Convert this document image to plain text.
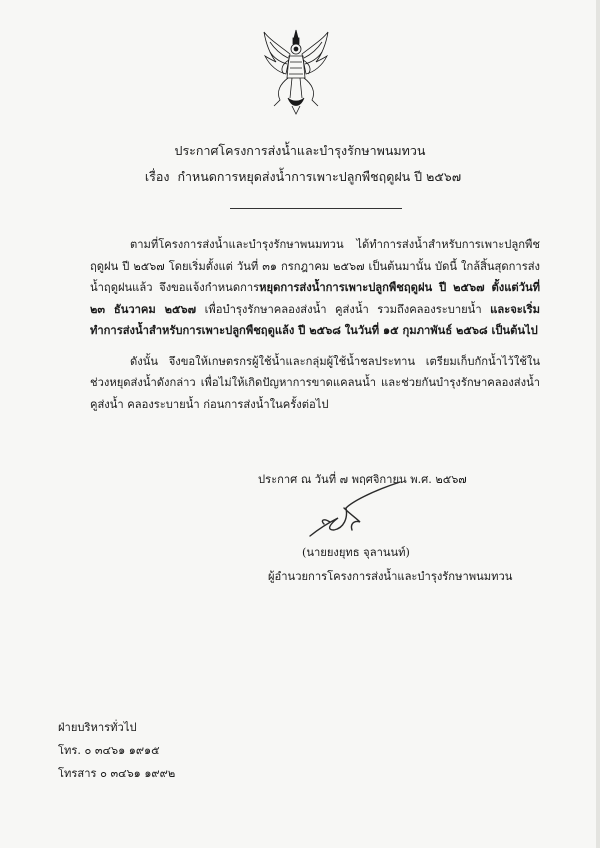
ประกาศโครงการส่งน้ำและบำรุงรักษาพนมทวน
เรื่อง กำหนดการหยุดส่งน้ำการเพาะปลูกพืชฤดูฝน ปี ๒๕๖๗

ตามที่โครงการส่งน้ำและบำรุงรักษาพนมทวน ได้ทำการส่งน้ำสำหรับการเพาะปลูกพืชฤดูฝน ปี ๒๕๖๗ โดยเริ่มตั้งแต่ วันที่ ๓๑ กรกฎาคม ๒๕๖๗ เป็นต้นมานั้น บัดนี้ ใกล้สิ้นสุดการส่งน้ำฤดูฝนแล้ว จึงขอแจ้งกำหนดการหยุดการส่งน้ำการเพาะปลูกพืชฤดูฝน ปี ๒๕๖๗ ตั้งแต่วันที่ ๒๓ ธันวาคม ๒๕๖๗ เพื่อบำรุงรักษาคลองส่งน้ำ คูส่งน้ำ รวมถึงคลองระบายน้ำ และจะเริ่มทำการส่งน้ำสำหรับการเพาะปลูกพืชฤดูแล้ง ปี ๒๕๖๘ ในวันที่ ๑๕ กุมภาพันธ์ ๒๕๖๘ เป็นต้นไป

ดังนั้น จึงขอให้เกษตรกรผู้ใช้น้ำและกลุ่มผู้ใช้น้ำชลประทาน เตรียมเก็บกักน้ำไว้ใช้ในช่วงหยุดส่งน้ำดังกล่าว เพื่อไม่ให้เกิดปัญหาการขาดแคลนน้ำ และช่วยกันบำรุงรักษาคลองส่งน้ำ คูส่งน้ำ คลองระบายน้ำ ก่อนการส่งน้ำในครั้งต่อไป

ประกาศ ณ วันที่ ๗ พฤศจิกายน พ.ศ. ๒๕๖๗
(นายยงยุทธ จุลานนท์)
ผู้อำนวยการโครงการส่งน้ำและบำรุงรักษาพนมทวน
ฝ่ายบริหารทั่วไป
โทร. ๐ ๓๔๖๑ ๑๙๑๕
โทรสาร ๐ ๓๔๖๑ ๑๙๙๒
